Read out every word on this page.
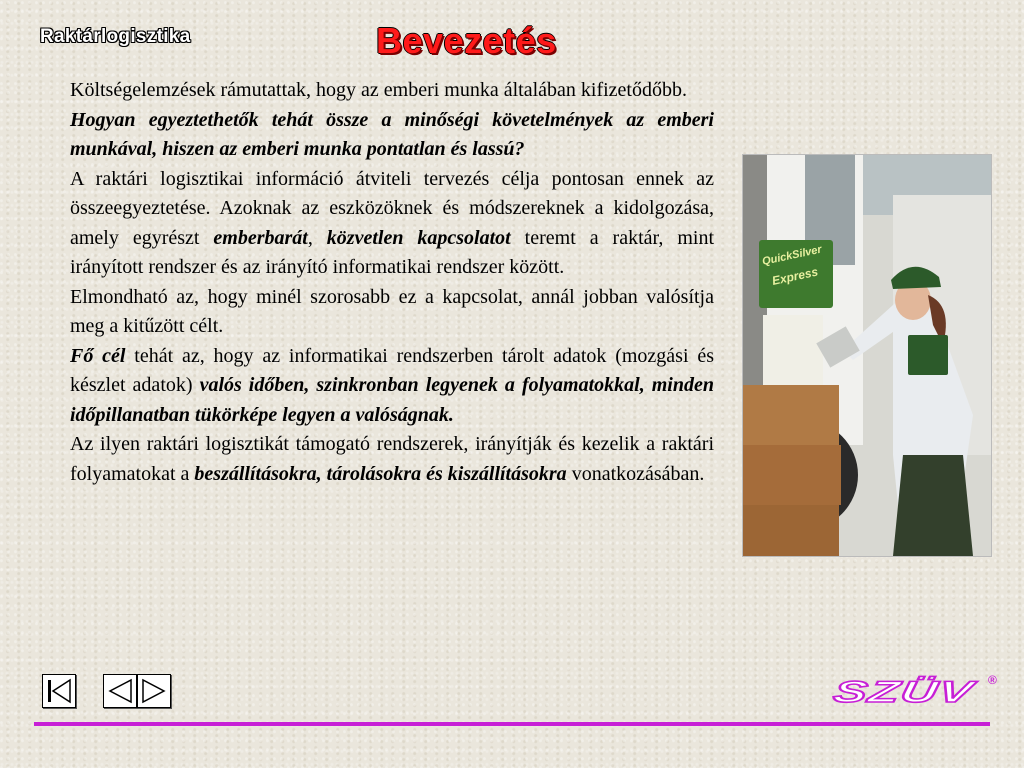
Raktárlogisztika	Bevezetés

Költségelemzések rámutattak, hogy az emberi munka általában kifizetődőbb.

Hogyan egyeztethetők tehát össze a minőségi követelmények az emberi munkával, hiszen az emberi munka pontatlan és lassú?

A raktári logisztikai információ átviteli tervezés célja pontosan ennek az összeegyeztetése. Azoknak az eszközöknek és módszereknek a kidolgozása, amely egyrészt emberbarát, közvetlen kapcsolatot teremt a raktár, mint irányított rendszer és az irányító informatikai rendszer között.

Elmondható az, hogy minél szorosabb ez a kapcsolat, annál jobban valósítja meg a kitűzött célt.

Fő cél tehát az, hogy az informatikai rendszerben tárolt adatok (mozgási és készlet adatok) valós időben, szinkronban legyenek a folyamatokkal, minden időpillanatban tükörképe legyen a valóságnak.

Az ilyen raktári logisztikát támogató rendszerek, irányítják és kezelik a raktári folyamatokat a beszállításokra, tárolásokra és kiszállításokra vonatkozásában.

QuickSilver
Express
SZÜV	®
